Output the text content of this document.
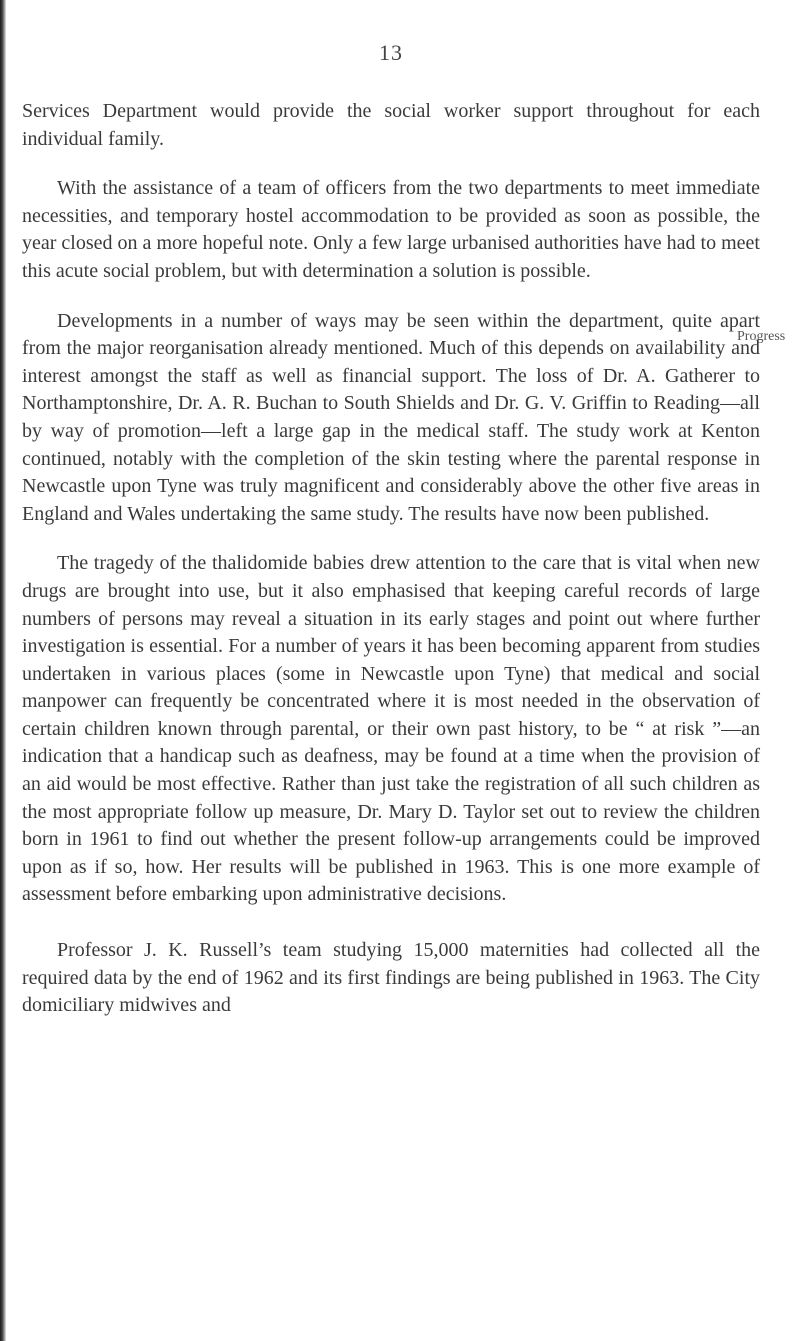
13
Progress

Services Department would provide the social worker support throughout for each individual family.

With the assistance of a team of officers from the two departments to meet immediate necessities, and temporary hostel accommodation to be provided as soon as possible, the year closed on a more hopeful note. Only a few large urbanised authorities have had to meet this acute social problem, but with determination a solution is possible.

Developments in a number of ways may be seen within the department, quite apart from the major reorganisation already mentioned. Much of this depends on availability and interest amongst the staff as well as financial support. The loss of Dr. A. Gatherer to Northamptonshire, Dr. A. R. Buchan to South Shields and Dr. G. V. Griffin to Reading—all by way of promotion—left a large gap in the medical staff. The study work at Kenton continued, notably with the completion of the skin testing where the parental response in Newcastle upon Tyne was truly magnificent and considerably above the other five areas in England and Wales undertaking the same study. The results have now been published.

The tragedy of the thalidomide babies drew attention to the care that is vital when new drugs are brought into use, but it also emphasised that keeping careful records of large numbers of persons may reveal a situation in its early stages and point out where further investigation is essential. For a number of years it has been becoming apparent from studies undertaken in various places (some in Newcastle upon Tyne) that medical and social manpower can frequently be concentrated where it is most needed in the observation of certain children known through parental, or their own past history, to be “ at risk ”—an indication that a handicap such as deafness, may be found at a time when the provision of an aid would be most effective. Rather than just take the registration of all such children as the most appropriate follow up measure, Dr. Mary D. Taylor set out to review the children born in 1961 to find out whether the present follow-up arrangements could be improved upon as if so, how. Her results will be published in 1963. This is one more example of assessment before embarking upon administrative decisions.

Professor J. K. Russell’s team studying 15,000 maternities had collected all the required data by the end of 1962 and its first findings are being published in 1963. The City domiciliary midwives and
